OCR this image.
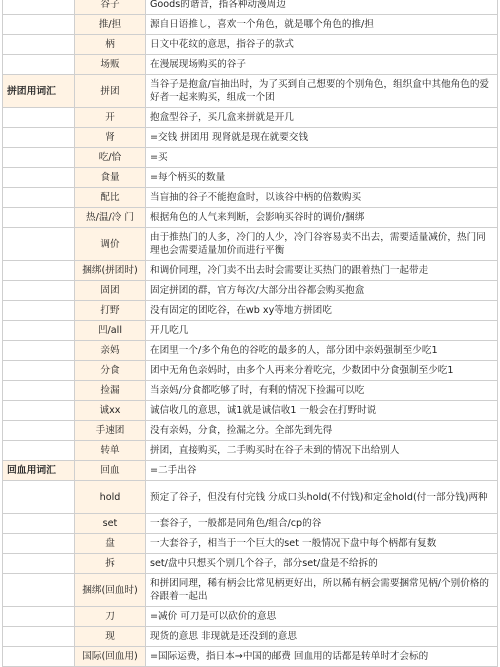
	谷子	Goods的谐音，指各种动漫周边
	推/担	源自日语推し，喜欢一个角色，就是哪个角色的推/担
	柄	日文中花纹的意思，指谷子的款式
	场贩	在漫展现场购买的谷子
拼团用词汇	拼团	当谷子是抱盒/盲抽出时，为了买到自己想要的个别角色，组织盒中其他角色的爱好者一起来购买，组成一个团
	开	抱盒型谷子，买几盒来拼就是开几
	肾	=交钱 拼团用 现肾就是现在就要交钱
	吃/恰	=买
	食量	=每个柄买的数量
	配比	当盲抽的谷子不能抱盒时，以该谷中柄的倍数购买
	热/温/冷 门	根据角色的人气来判断，会影响买谷时的调价/捆绑
	调价	由于推热门的人多，冷门的人少，冷门谷容易卖不出去，需要适量减价，热门同理也会需要适量加价而进行平衡
	捆绑(拼团时)	和调价同理，冷门卖不出去时会需要让买热门的跟着热门一起带走
	固团	固定拼团的群，官方每次/大部分出谷都会购买抱盒
	打野	没有固定的团吃谷，在wb xy等地方拼团吃
	凹/all	开几吃几
	亲妈	在团里一个/多个角色的谷吃的最多的人，部分团中亲妈强制至少吃1
	分食	团中无角色亲妈时，由多个人再来分着吃完，少数团中分食强制至少吃1
	捡漏	当亲妈/分食都吃够了时，有剩的情况下捡漏可以吃
	诚xx	诚信收几的意思，诚1就是诚信收1 一般会在打野时说
	手速团	没有亲妈，分食，捡漏之分。全部先到先得
	转单	拼团，直接购买，二手购买时在谷子未到的情况下出给别人
回血用词汇	回血	=二手出谷
	hold	预定了谷子，但没有付完钱 分成口头hold(不付钱)和定金hold(付一部分钱)两种
	set	一套谷子，一般都是同角色/组合/cp的谷
	盘	一大套谷子，相当于一个巨大的set 一般情况下盘中每个柄都有复数
	拆	set/盘中只想买个别几个谷子，部分set/盘是不给拆的
	捆绑(回血时)	和拼团同理，稀有柄会比常见柄更好出，所以稀有柄会需要捆常见柄/个别价格的谷跟着一起出
	刀	=减价 可刀是可以砍价的意思
	现	现货的意思 非现就是还没到的意思
	国际(回血用)	=国际运费，指日本→中国的邮费 回血用的话都是转单时才会标的
